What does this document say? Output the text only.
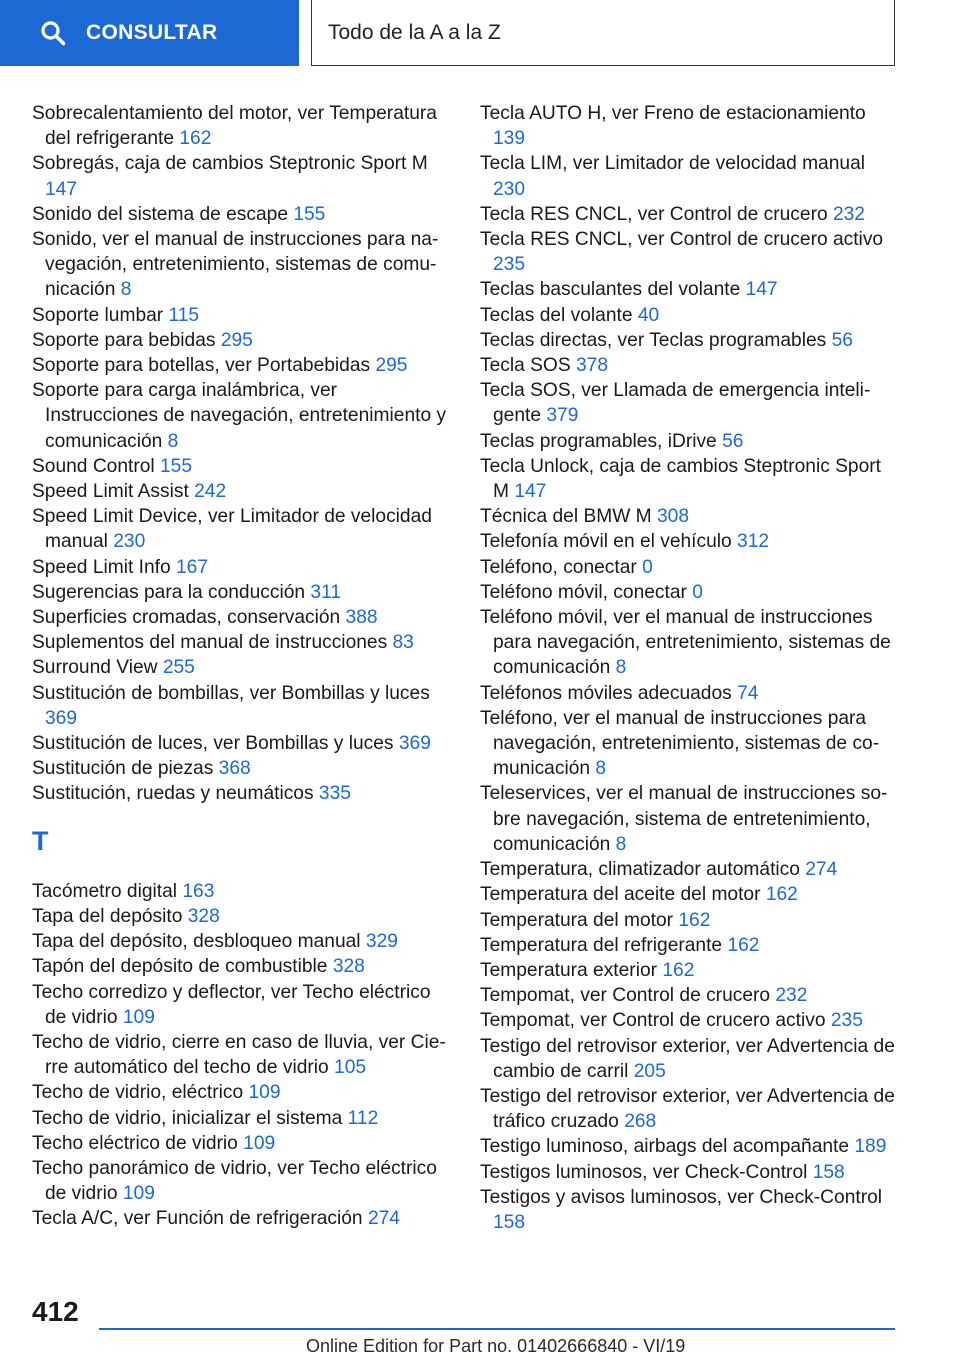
CONSULTAR	Todo de la A a la Z
Sobrecalentamiento del motor, ver Temperatura del refrigerante 162
Sobregás, caja de cambios Steptronic Sport M 147
Sonido del sistema de escape 155
Sonido, ver el manual de instrucciones para navegación, entretenimiento, sistemas de comunicación 8
Soporte lumbar 115
Soporte para bebidas 295
Soporte para botellas, ver Portabebidas 295
Soporte para carga inalámbrica, ver Instrucciones de navegación, entretenimiento y comunicación 8
Sound Control 155
Speed Limit Assist 242
Speed Limit Device, ver Limitador de velocidad manual 230
Speed Limit Info 167
Sugerencias para la conducción 311
Superficies cromadas, conservación 388
Suplementos del manual de instrucciones 83
Surround View 255
Sustitución de bombillas, ver Bombillas y luces 369
Sustitución de luces, ver Bombillas y luces 369
Sustitución de piezas 368
Sustitución, ruedas y neumáticos 335
T
Tacómetro digital 163
Tapa del depósito 328
Tapa del depósito, desbloqueo manual 329
Tapón del depósito de combustible 328
Techo corredizo y deflector, ver Techo eléctrico de vidrio 109
Techo de vidrio, cierre en caso de lluvia, ver Cierre automático del techo de vidrio 105
Techo de vidrio, eléctrico 109
Techo de vidrio, inicializar el sistema 112
Techo eléctrico de vidrio 109
Techo panorámico de vidrio, ver Techo eléctrico de vidrio 109
Tecla A/C, ver Función de refrigeración 274
Tecla AUTO H, ver Freno de estacionamiento 139
Tecla LIM, ver Limitador de velocidad manual 230
Tecla RES CNCL, ver Control de crucero 232
Tecla RES CNCL, ver Control de crucero activo 235
Teclas basculantes del volante 147
Teclas del volante 40
Teclas directas, ver Teclas programables 56
Tecla SOS 378
Tecla SOS, ver Llamada de emergencia inteligente 379
Teclas programables, iDrive 56
Tecla Unlock, caja de cambios Steptronic Sport M 147
Técnica del BMW M 308
Telefonía móvil en el vehículo 312
Teléfono, conectar 0
Teléfono móvil, conectar 0
Teléfono móvil, ver el manual de instrucciones para navegación, entretenimiento, sistemas de comunicación 8
Teléfonos móviles adecuados 74
Teléfono, ver el manual de instrucciones para navegación, entretenimiento, sistemas de comunicación 8
Teleservices, ver el manual de instrucciones sobre navegación, sistema de entretenimiento, comunicación 8
Temperatura, climatizador automático 274
Temperatura del aceite del motor 162
Temperatura del motor 162
Temperatura del refrigerante 162
Temperatura exterior 162
Tempomat, ver Control de crucero 232
Tempomat, ver Control de crucero activo 235
Testigo del retrovisor exterior, ver Advertencia de cambio de carril 205
Testigo del retrovisor exterior, ver Advertencia de tráfico cruzado 268
Testigo luminoso, airbags del acompañante 189
Testigos luminosos, ver Check-Control 158
Testigos y avisos luminosos, ver Check-Control 158
412
Online Edition for Part no. 01402666840 - VI/19
